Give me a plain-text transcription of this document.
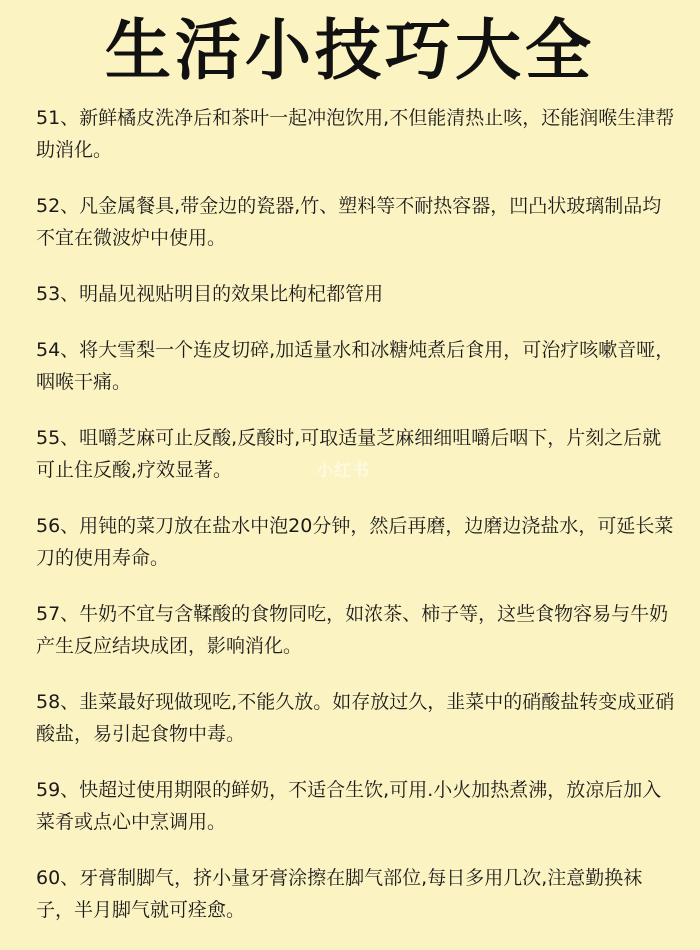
生活小技巧大全

51、新鲜橘皮洗净后和茶叶一起冲泡饮用,不但能清热止咳，还能润喉生津帮助消化。

52、凡金属餐具,带金边的瓷器,竹、塑料等不耐热容器，凹凸状玻璃制品均不宜在微波炉中使用。

53、明晶见视贴明目的效果比枸杞都管用

54、将大雪梨一个连皮切碎,加适量水和冰糖炖煮后食用，可治疗咳嗽音哑，咽喉干痛。

55、咀嚼芝麻可止反酸,反酸时,可取适量芝麻细细咀嚼后咽下，片刻之后就可止住反酸,疗效显著。

56、用钝的菜刀放在盐水中泡20分钟，然后再磨，边磨边浇盐水，可延长菜刀的使用寿命。

57、牛奶不宜与含鞣酸的食物同吃，如浓茶、柿子等，这些食物容易与牛奶产生反应结块成团，影响消化。

58、韭菜最好现做现吃,不能久放。如存放过久，韭菜中的硝酸盐转变成亚硝酸盐，易引起食物中毒。

59、快超过使用期限的鲜奶，不适合生饮,可用.小火加热煮沸，放凉后加入菜肴或点心中烹调用。

60、牙膏制脚气，挤小量牙膏涂擦在脚气部位,每日多用几次,注意勤换袜子，半月脚气就可痊愈。

小红书
